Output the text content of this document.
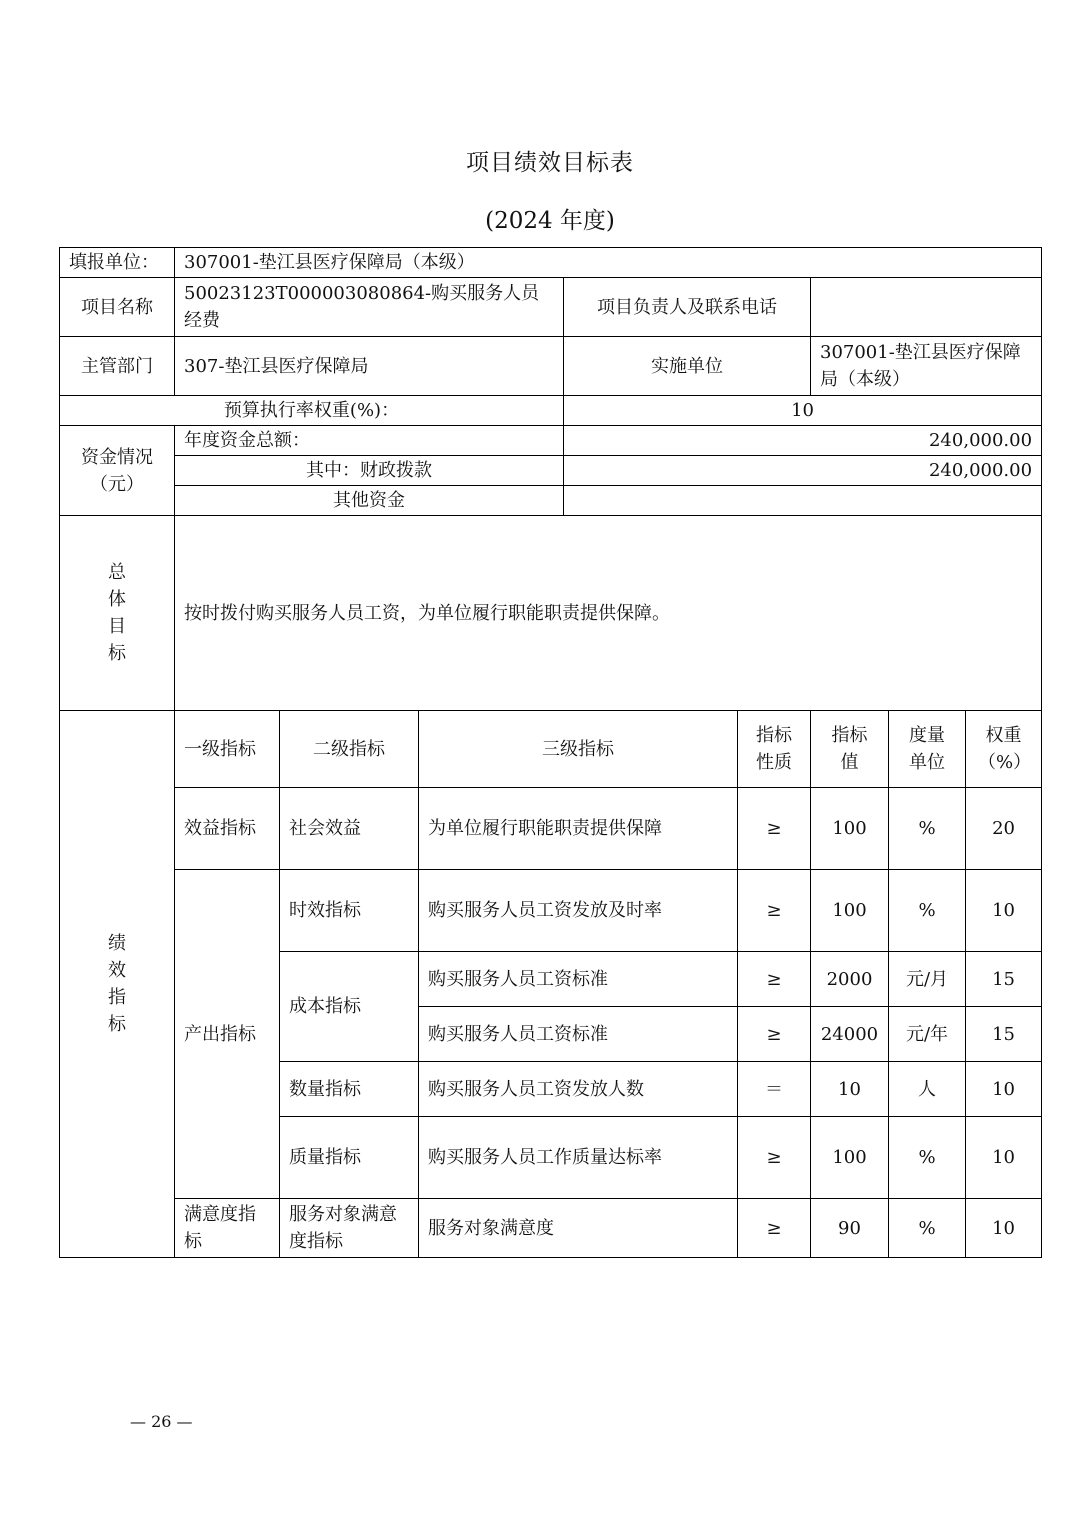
项目绩效目标表
(2024 年度)
填报单位：	307001-垫江县医疗保障局（本级）							
项目名称	50023123T000003080864-购买服务人员经费			项目负责人及联系电话				
主管部门	307-垫江县医疗保障局			实施单位		307001-垫江县医疗保障局（本级）		
预算执行率权重(%)：				10				
资金情况（元）	年度资金总额：			240,000.00				
	其中：财政拨款			240,000.00				
	其他资金							

总
体
目
标	按时拨付购买服务人员工资，为单位履行职能职责提供保障。							

绩
效
指
标	一级指标	二级指标	三级指标		指标性质	指标值	度量单位	权重（%）
	效益指标	社会效益	为单位履行职能职责提供保障		≥	100	%	20
	产出指标	时效指标	购买服务人员工资发放及时率		≥	100	%	10
		成本指标	购买服务人员工资标准		≥	2000	元/月	15
			购买服务人员工资标准		≥	24000	元/年	15
		数量指标	购买服务人员工资发放人数		＝	10	人	10
		质量指标	购买服务人员工作质量达标率		≥	100	%	10
	满意度指标	服务对象满意度指标	服务对象满意度		≥	90	%	10
— 26 —
